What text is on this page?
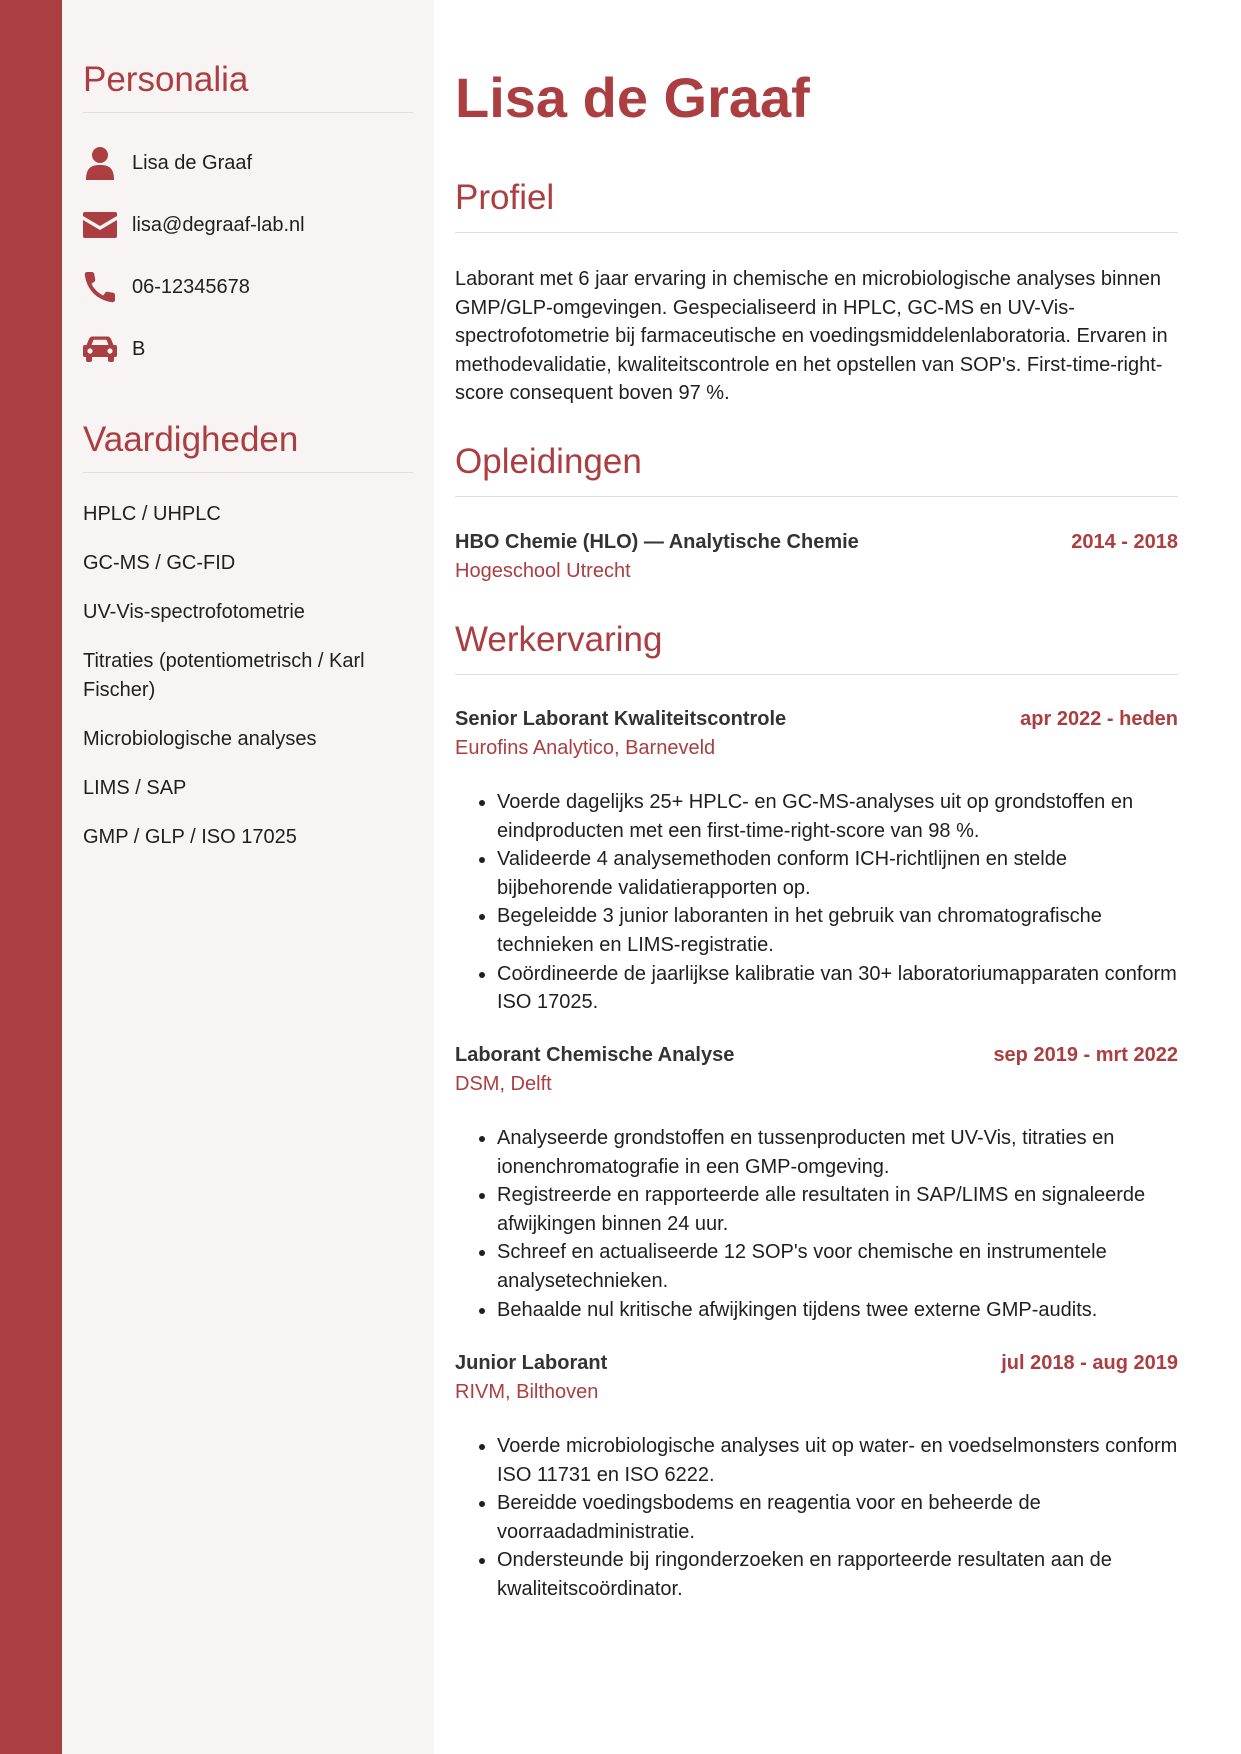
Personalia
Lisa de Graaf
lisa@degraaf-lab.nl
06-12345678
B
Vaardigheden
HPLC / UHPLC
GC-MS / GC-FID
UV-Vis-spectrofotometrie
Titraties (potentiometrisch / Karl Fischer)
Microbiologische analyses
LIMS / SAP
GMP / GLP / ISO 17025
Lisa de Graaf
Profiel

Laborant met 6 jaar ervaring in chemische en microbiologische analyses binnen GMP/GLP-omgevingen. Gespecialiseerd in HPLC, GC-MS en UV-Vis-spectrofotometrie bij farmaceutische en voedingsmiddelenlaboratoria. Ervaren in methodevalidatie, kwaliteitscontrole en het opstellen van SOP's. First-time-right-score consequent boven 97 %.

Opleidingen
HBO Chemie (HLO) — Analytische Chemie	2014 - 2018
Hogeschool Utrecht
Werkervaring
Senior Laborant Kwaliteitscontrole	apr 2022 - heden
Eurofins Analytico, Barneveld
• Voerde dagelijks 25+ HPLC- en GC-MS-analyses uit op grondstoffen en eindproducten met een first-time-right-score van 98 %.
• Valideerde 4 analysemethoden conform ICH-richtlijnen en stelde bijbehorende validatierapporten op.
• Begeleidde 3 junior laboranten in het gebruik van chromatografische technieken en LIMS-registratie.
• Coördineerde de jaarlijkse kalibratie van 30+ laboratoriumapparaten conform ISO 17025.
Laborant Chemische Analyse	sep 2019 - mrt 2022
DSM, Delft
• Analyseerde grondstoffen en tussenproducten met UV-Vis, titraties en ionenchromatografie in een GMP-omgeving.
• Registreerde en rapporteerde alle resultaten in SAP/LIMS en signaleerde afwijkingen binnen 24 uur.
• Schreef en actualiseerde 12 SOP's voor chemische en instrumentele analysetechnieken.
• Behaalde nul kritische afwijkingen tijdens twee externe GMP-audits.
Junior Laborant	jul 2018 - aug 2019
RIVM, Bilthoven
• Voerde microbiologische analyses uit op water- en voedselmonsters conform ISO 11731 en ISO 6222.
• Bereidde voedingsbodems en reagentia voor en beheerde de voorraadadministratie.
• Ondersteunde bij ringonderzoeken en rapporteerde resultaten aan de kwaliteitscoördinator.
